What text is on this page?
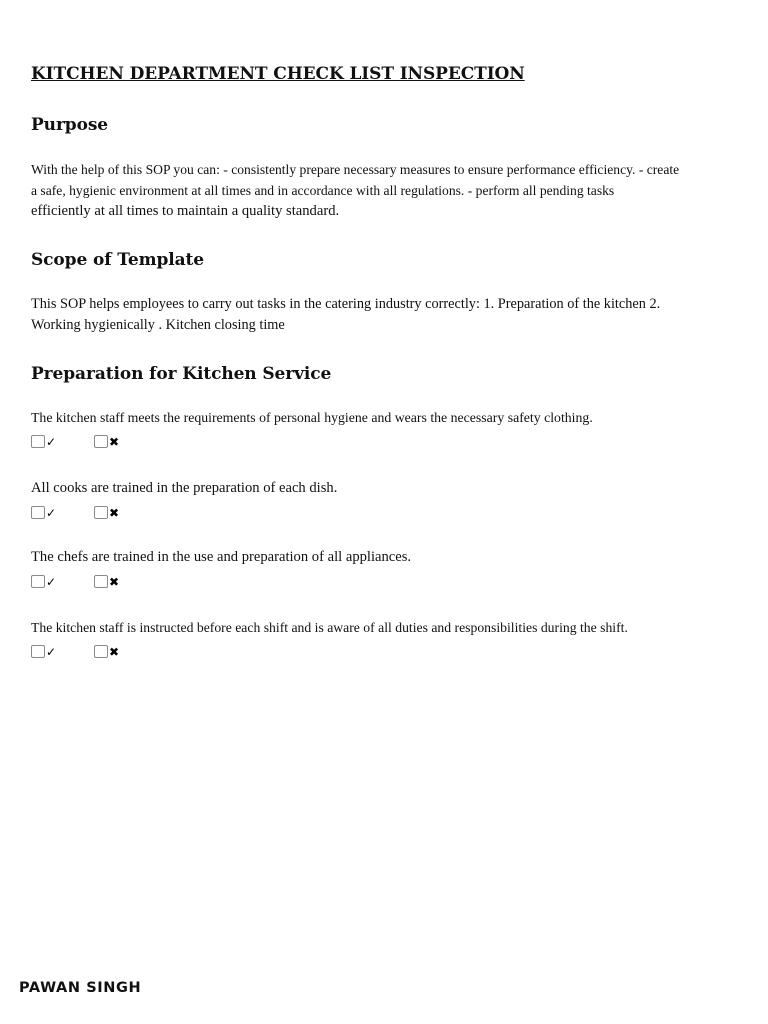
KITCHEN DEPARTMENT CHECK LIST INSPECTION
Purpose

With the help of this SOP you can: - consistently prepare necessary measures to ensure performance efficiency. - create

a safe, hygienic environment at all times and in accordance with all regulations. - perform all pending tasks

efficiently at all times to maintain a quality standard.

Scope of Template

This SOP helps employees to carry out tasks in the catering industry correctly: 1. Preparation of the kitchen 2.

Working hygienically . Kitchen closing time

Preparation for Kitchen Service
The kitchen staff meets the requirements of personal hygiene and wears the necessary safety clothing.
✓	✖
All cooks are trained in the preparation of each dish.
✓	✖
The chefs are trained in the use and preparation of all appliances.
✓	✖
The kitchen staff is instructed before each shift and is aware of all duties and responsibilities during the shift.
✓	✖
PAWAN SINGH
